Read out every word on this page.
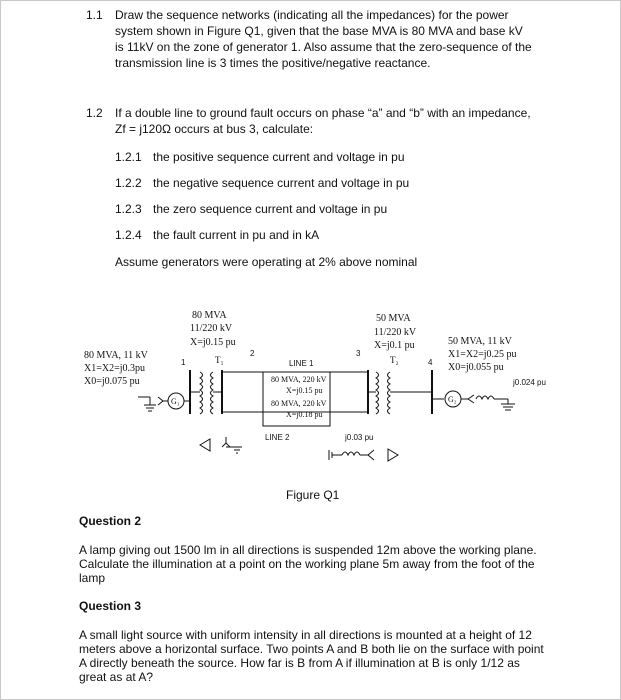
1.1 Draw the sequence networks (indicating all the impedances) for the power
system shown in Figure Q1, given that the base MVA is 80 MVA and base kV
is 11kV on the zone of generator 1. Also assume that the zero-sequence of the
transmission line is 3 times the positive/negative reactance.
1.2 If a double line to ground fault occurs on phase “a” and “b” with an impedance,
Zf = j120Ω occurs at bus 3, calculate:
1.2.1 the positive sequence current and voltage in pu
1.2.2 the negative sequence current and voltage in pu
1.2.3 the zero sequence current and voltage in pu
1.2.4 the fault current in pu and in kA
Assume generators were operating at 2% above nominal
80 MVA, 11 kV
X1=X2=j0.3pu
X0=j0.075 pu
80 MVA
11/220 kV
X=j0.15 pu
50 MVA
11/220 kV
X=j0.1 pu	50 MVA, 11 kV
X1=X2=j0.25 pu
X0=j0.055 pu
1
2	3
4
LINE 1
LINE 2
j0.024 pu
j0.03 pu
80 MVA, 220 kV
X=j0.15 pu
80 MVA, 220 kV
X=j0.18 pu
T₁	T₂
G₁	G₂
Figure Q1
Question 2
A lamp giving out 1500 lm in all directions is suspended 12m above the working plane. Calculate the illumination at a point on the working plane 5m away from the foot of the lamp
Question 3
A small light source with uniform intensity in all directions is mounted at a height of 12 meters above a horizontal surface. Two points A and B both lie on the surface with point A directly beneath the source. How far is B from A if illumination at B is only 1/12 as great as at A?
